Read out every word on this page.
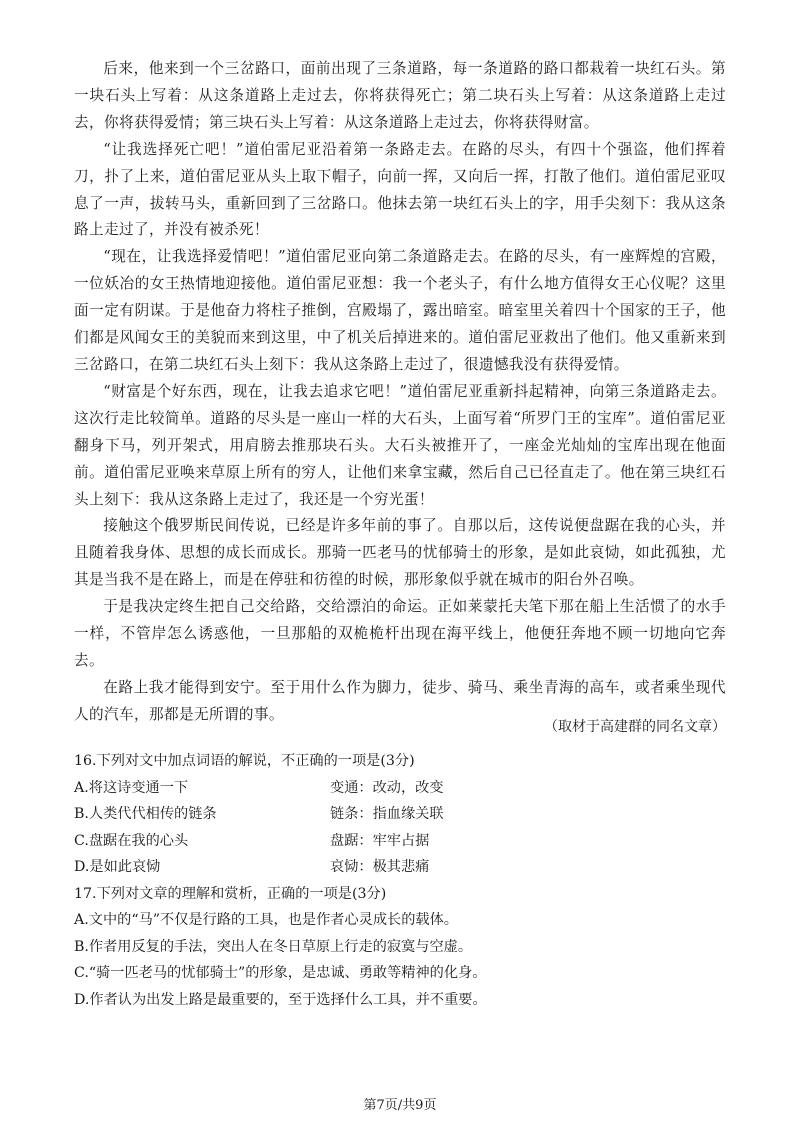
后来，他来到一个三岔路口，面前出现了三条道路，每一条道路的路口都栽着一块红石头。第一块石头上写着：从这条道路上走过去，你将获得死亡；第二块石头上写着：从这条道路上走过去，你将获得爱情；第三块石头上写着：从这条道路上走过去，你将获得财富。

“让我选择死亡吧！”道伯雷尼亚沿着第一条路走去。在路的尽头，有四十个强盗，他们挥着刀，扑了上来，道伯雷尼亚从头上取下帽子，向前一挥，又向后一挥，打散了他们。道伯雷尼亚叹息了一声，拔转马头，重新回到了三岔路口。他抹去第一块红石头上的字，用手尖刻下：我从这条路上走过了，并没有被杀死！

“现在，让我选择爱情吧！”道伯雷尼亚向第二条道路走去。在路的尽头，有一座辉煌的宫殿，一位妖冶的女王热情地迎接他。道伯雷尼亚想：我一个老头子，有什么地方值得女王心仪呢？这里面一定有阴谋。于是他奋力将柱子推倒，宫殿塌了，露出暗室。暗室里关着四十个国家的王子，他们都是风闻女王的美貌而来到这里，中了机关后掉进来的。道伯雷尼亚救出了他们。他又重新来到三岔路口，在第二块红石头上刻下：我从这条路上走过了，很遗憾我没有获得爱情。

“财富是个好东西，现在，让我去追求它吧！”道伯雷尼亚重新抖起精神，向第三条道路走去。这次行走比较简单。道路的尽头是一座山一样的大石头，上面写着“所罗门王的宝库”。道伯雷尼亚翻身下马，列开架式，用肩膀去推那块石头。大石头被推开了，一座金光灿灿的宝库出现在他面前。道伯雷尼亚唤来草原上所有的穷人，让他们来拿宝藏，然后自己已径直走了。他在第三块红石头上刻下：我从这条路上走过了，我还是一个穷光蛋！

接触这个俄罗斯民间传说，已经是许多年前的事了。自那以后，这传说便盘踞在我的心头，并且随着我身体、思想的成长而成长。那骑一匹老马的忧郁骑士的形象，是如此哀恸，如此孤独，尤其是当我不是在路上，而是在停驻和彷徨的时候，那形象似乎就在城市的阳台外召唤。

于是我决定终生把自己交给路，交给漂泊的命运。正如莱蒙托夫笔下那在船上生活惯了的水手一样，不管岸怎么诱惑他，一旦那船的双桅桅杆出现在海平线上，他便狂奔地不顾一切地向它奔去。

在路上我才能得到安宁。至于用什么作为脚力，徒步、骑马、乘坐青海的高车，或者乘坐现代人的汽车，那都是无所谓的事。

（取材于高建群的同名文章）

16.下列对文中加点词语的解说，不正确的一项是(3分)

A.将这诗变通一下	变通：改动，改变
B.人类代代相传的链条	链条：指血缘关联
C.盘踞在我的心头	盘踞：牢牢占据
D.是如此哀恸	哀恸：极其悲痛

17.下列对文章的理解和赏析，正确的一项是(3分)

A.文中的“马”不仅是行路的工具，也是作者心灵成长的载体。

B.作者用反复的手法，突出人在冬日草原上行走的寂寞与空虚。

C.“骑一匹老马的忧郁骑士”的形象，是忠诚、勇敢等精神的化身。

D.作者认为出发上路是最重要的，至于选择什么工具，并不重要。

第7页/共9页
